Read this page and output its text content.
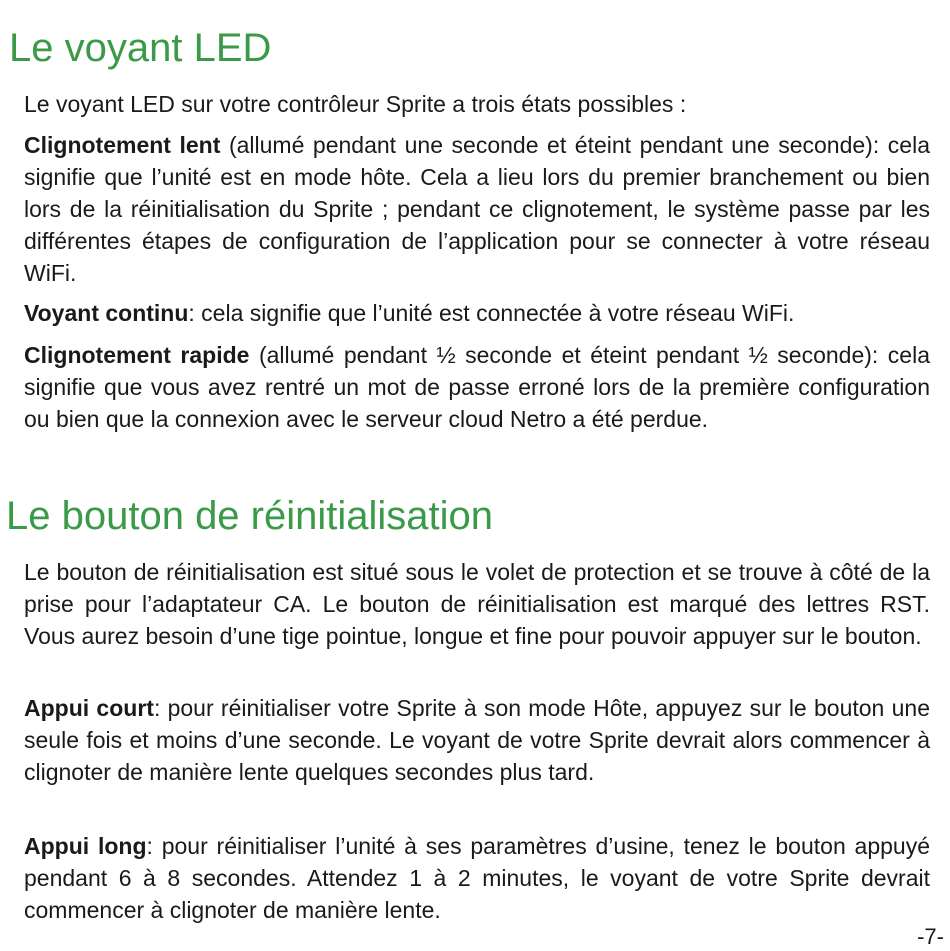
Le voyant LED

Le voyant LED sur votre contrôleur Sprite a trois états possibles :

Clignotement lent (allumé pendant une seconde et éteint pendant une seconde): cela signifie que l’unité est en mode hôte. Cela a lieu lors du premier branchement ou bien lors de la réinitialisation du Sprite ; pendant ce clignotement, le système passe par les différentes étapes de configuration de l’application pour se connecter à votre réseau WiFi.

Voyant continu: cela signifie que l’unité est connectée à votre réseau WiFi.

Clignotement rapide (allumé pendant ½ seconde et éteint pendant ½ seconde): cela signifie que vous avez rentré un mot de passe erroné lors de la première configuration ou bien que la connexion avec le serveur cloud Netro a été perdue.

Le bouton de réinitialisation

Le bouton de réinitialisation est situé sous le volet de protection et se trouve à côté de la prise pour l’adaptateur CA. Le bouton de réinitialisation est marqué des lettres RST. Vous aurez besoin d’une tige pointue, longue et fine pour pouvoir appuyer sur le bouton.

Appui court: pour réinitialiser votre Sprite à son mode Hôte, appuyez sur le bouton une seule fois et moins d’une seconde. Le voyant de votre Sprite devrait alors commencer à clignoter de manière lente quelques secondes plus tard.

Appui long: pour réinitialiser l’unité à ses paramètres d’usine, tenez le bouton appuyé pendant 6 à 8 secondes. Attendez 1 à 2 minutes, le voyant de votre Sprite devrait commencer à clignoter de manière lente.

-7-
